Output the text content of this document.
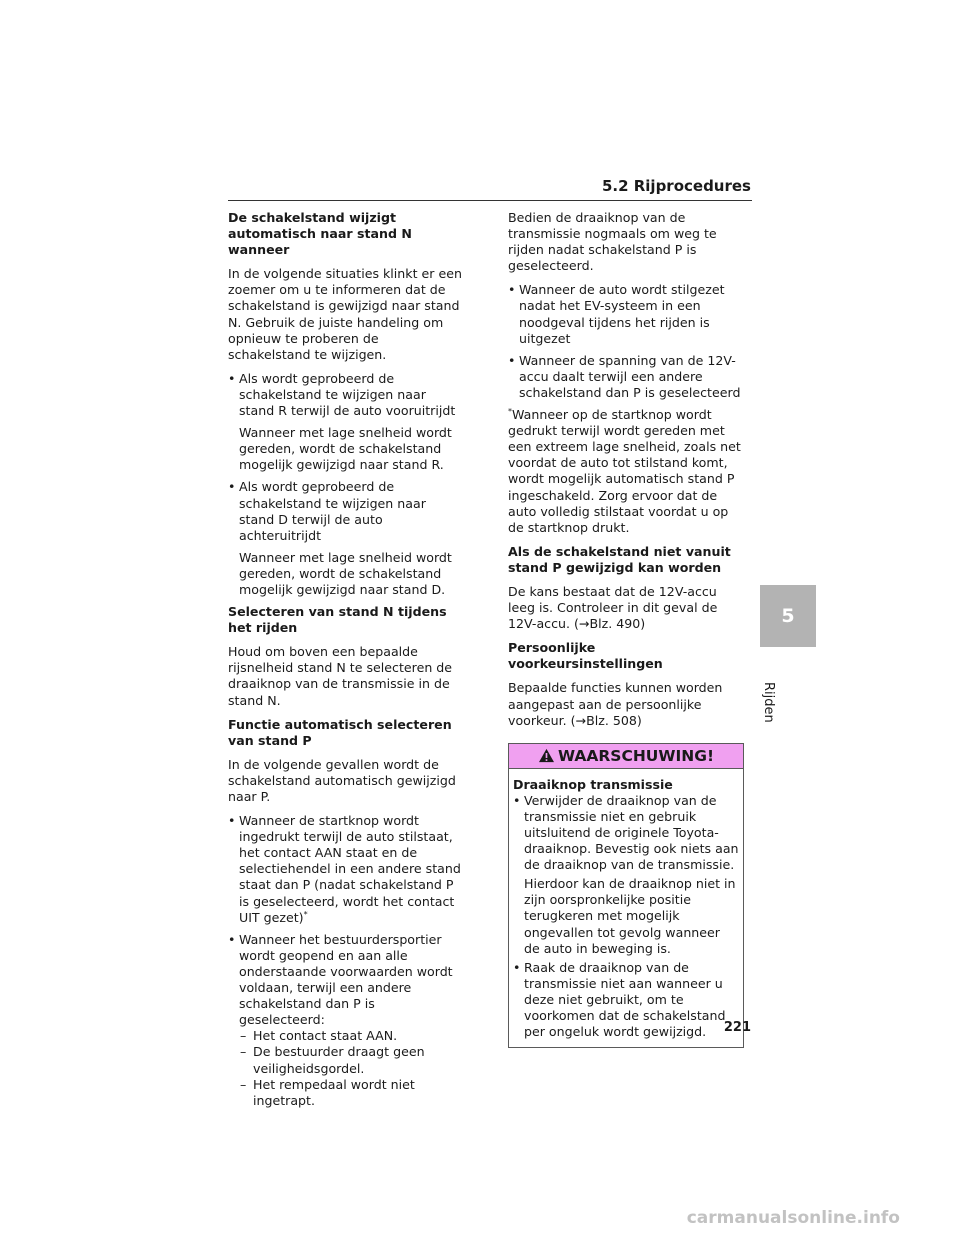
5.2 Rijprocedures

De schakelstand wijzigt automatisch naar stand N wanneer

In de volgende situaties klinkt er een zoemer om u te informeren dat de schakelstand is gewijzigd naar stand N. Gebruik de juiste handeling om opnieuw te proberen de schakelstand te wijzigen.

• Als wordt geprobeerd de schakelstand te wijzigen naar stand R terwijl de auto vooruitrijdt

Wanneer met lage snelheid wordt gereden, wordt de schakelstand mogelijk gewijzigd naar stand R.

• Als wordt geprobeerd de schakelstand te wijzigen naar stand D terwijl de auto achteruitrijdt

Wanneer met lage snelheid wordt gereden, wordt de schakelstand mogelijk gewijzigd naar stand D.

Selecteren van stand N tijdens het rijden

Houd om boven een bepaalde rijsnelheid stand N te selecteren de draaiknop van de transmissie in de stand N.

Functie automatisch selecteren van stand P

In de volgende gevallen wordt de schakelstand automatisch gewijzigd naar P.

• Wanneer de startknop wordt ingedrukt terwijl de auto stilstaat, het contact AAN staat en de selectiehendel in een andere stand staat dan P (nadat schakelstand P is geselecteerd, wordt het contact UIT gezet)*

• Wanneer het bestuurdersportier wordt geopend en aan alle onderstaande voorwaarden wordt voldaan, terwijl een andere schakelstand dan P is geselecteerd:

– Het contact staat AAN.

– De bestuurder draagt geen veiligheidsgordel.

– Het rempedaal wordt niet ingetrapt.

Bedien de draaiknop van de transmissie nogmaals om weg te rijden nadat schakelstand P is geselecteerd.

• Wanneer de auto wordt stilgezet nadat het EV-systeem in een noodgeval tijdens het rijden is uitgezet

• Wanneer de spanning van de 12V-accu daalt terwijl een andere schakelstand dan P is geselecteerd

*Wanneer op de startknop wordt gedrukt terwijl wordt gereden met een extreem lage snelheid, zoals net voordat de auto tot stilstand komt, wordt mogelijk automatisch stand P ingeschakeld. Zorg ervoor dat de auto volledig stilstaat voordat u op de startknop drukt.

Als de schakelstand niet vanuit stand P gewijzigd kan worden

De kans bestaat dat de 12V-accu leeg is. Controleer in dit geval de 12V-accu. (→Blz. 490)

Persoonlijke voorkeursinstellingen

Bepaalde functies kunnen worden aangepast aan de persoonlijke voorkeur. (→Blz. 508)

WAARSCHUWING!

Draaiknop transmissie

• Verwijder de draaiknop van de transmissie niet en gebruik uitsluitend de originele Toyota-draaiknop. Bevestig ook niets aan de draaiknop van de transmissie.

Hierdoor kan de draaiknop niet in zijn oorspronkelijke positie terugkeren met mogelijk ongevallen tot gevolg wanneer de auto in beweging is.

• Raak de draaiknop van de transmissie niet aan wanneer u deze niet gebruikt, om te voorkomen dat de schakelstand per ongeluk wordt gewijzigd.

5
Rijden
221
carmanualsonline.info
